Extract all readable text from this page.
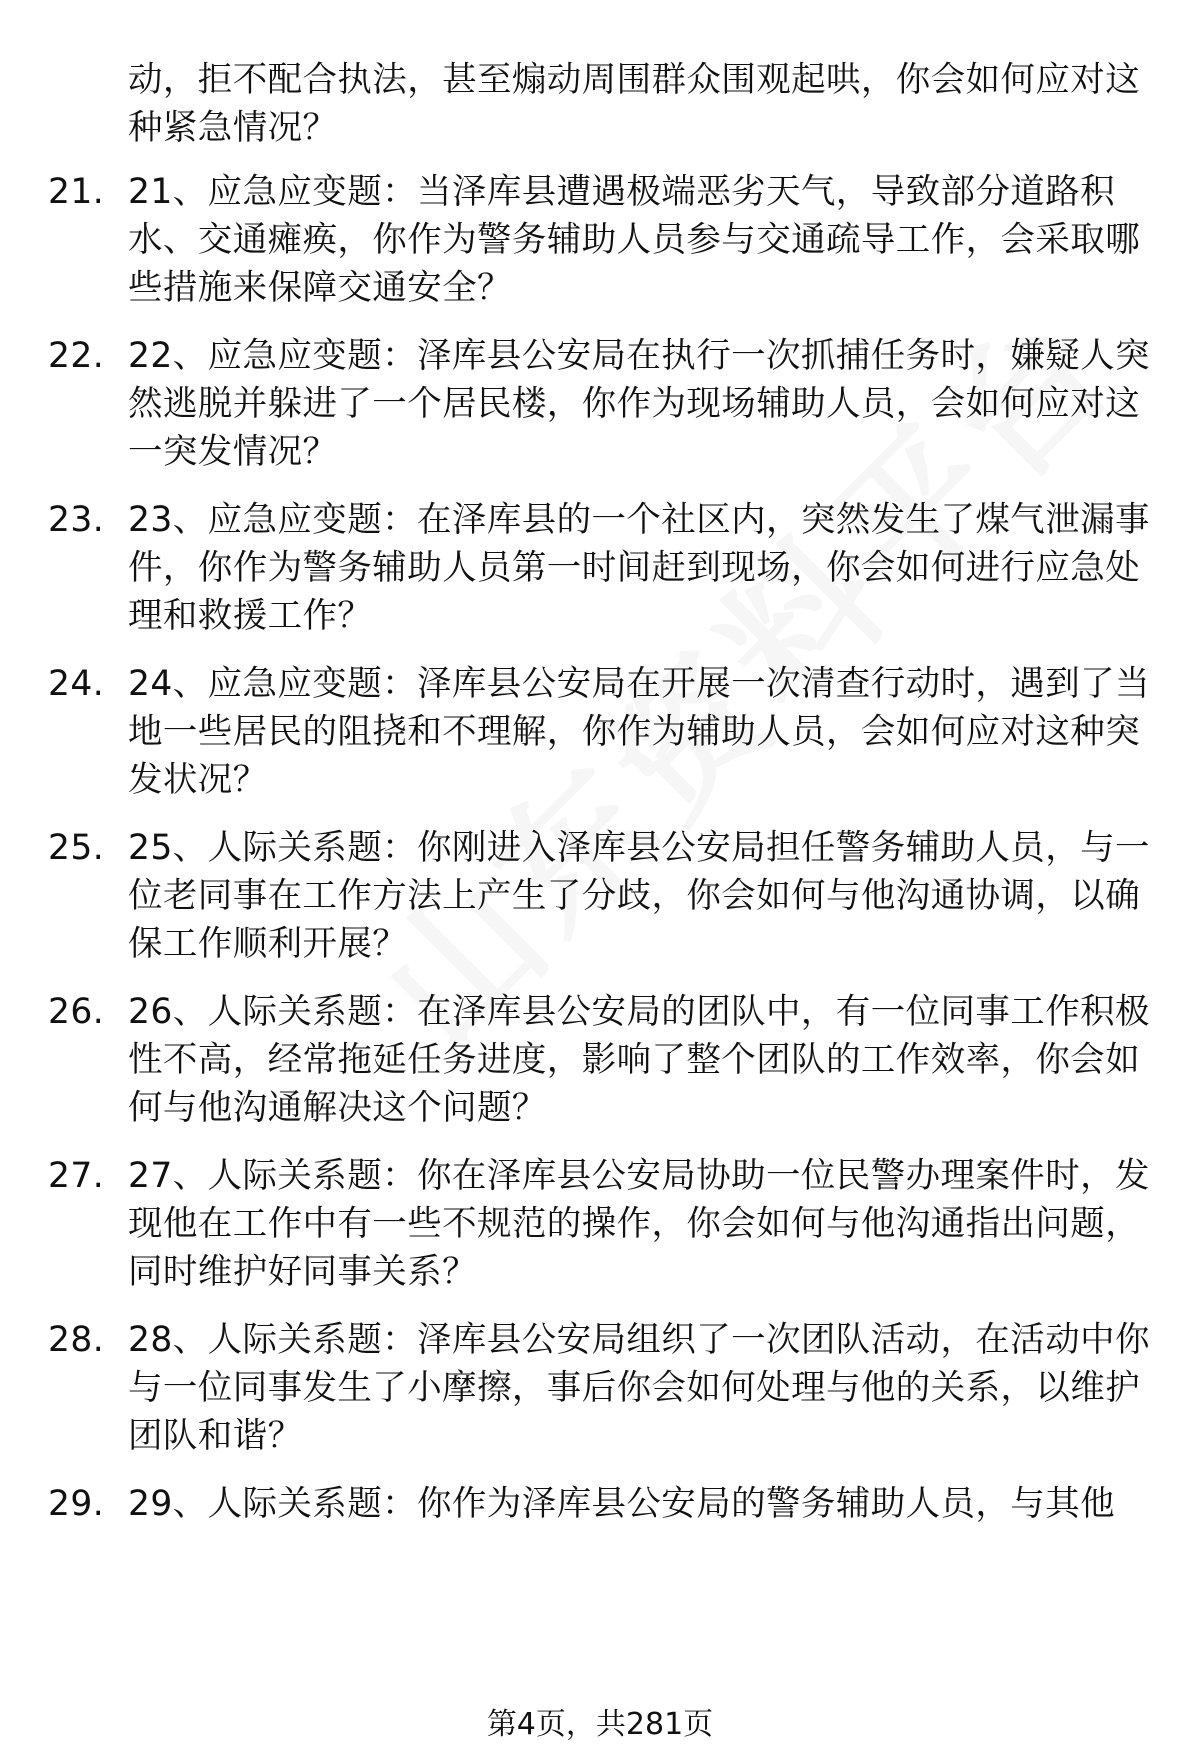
动，拒不配合执法，甚至煽动周围群众围观起哄，你会如何应对这种紧急情况？
21. 21、应急应变题：当泽库县遭遇极端恶劣天气，导致部分道路积水、交通瘫痪，你作为警务辅助人员参与交通疏导工作，会采取哪些措施来保障交通安全？
22. 22、应急应变题：泽库县公安局在执行一次抓捕任务时，嫌疑人突然逃脱并躲进了一个居民楼，你作为现场辅助人员，会如何应对这一突发情况？
23. 23、应急应变题：在泽库县的一个社区内，突然发生了煤气泄漏事件，你作为警务辅助人员第一时间赶到现场，你会如何进行应急处理和救援工作？
24. 24、应急应变题：泽库县公安局在开展一次清查行动时，遇到了当地一些居民的阻挠和不理解，你作为辅助人员，会如何应对这种突发状况？
25. 25、人际关系题：你刚进入泽库县公安局担任警务辅助人员，与一位老同事在工作方法上产生了分歧，你会如何与他沟通协调，以确保工作顺利开展？
26. 26、人际关系题：在泽库县公安局的团队中，有一位同事工作积极性不高，经常拖延任务进度，影响了整个团队的工作效率，你会如何与他沟通解决这个问题？
27. 27、人际关系题：你在泽库县公安局协助一位民警办理案件时，发现他在工作中有一些不规范的操作，你会如何与他沟通指出问题，同时维护好同事关系？
28. 28、人际关系题：泽库县公安局组织了一次团队活动，在活动中你与一位同事发生了小摩擦，事后你会如何处理与他的关系，以维护团队和谐？
29. 29、人际关系题：你作为泽库县公安局的警务辅助人员，与其他
第4页，共281页
